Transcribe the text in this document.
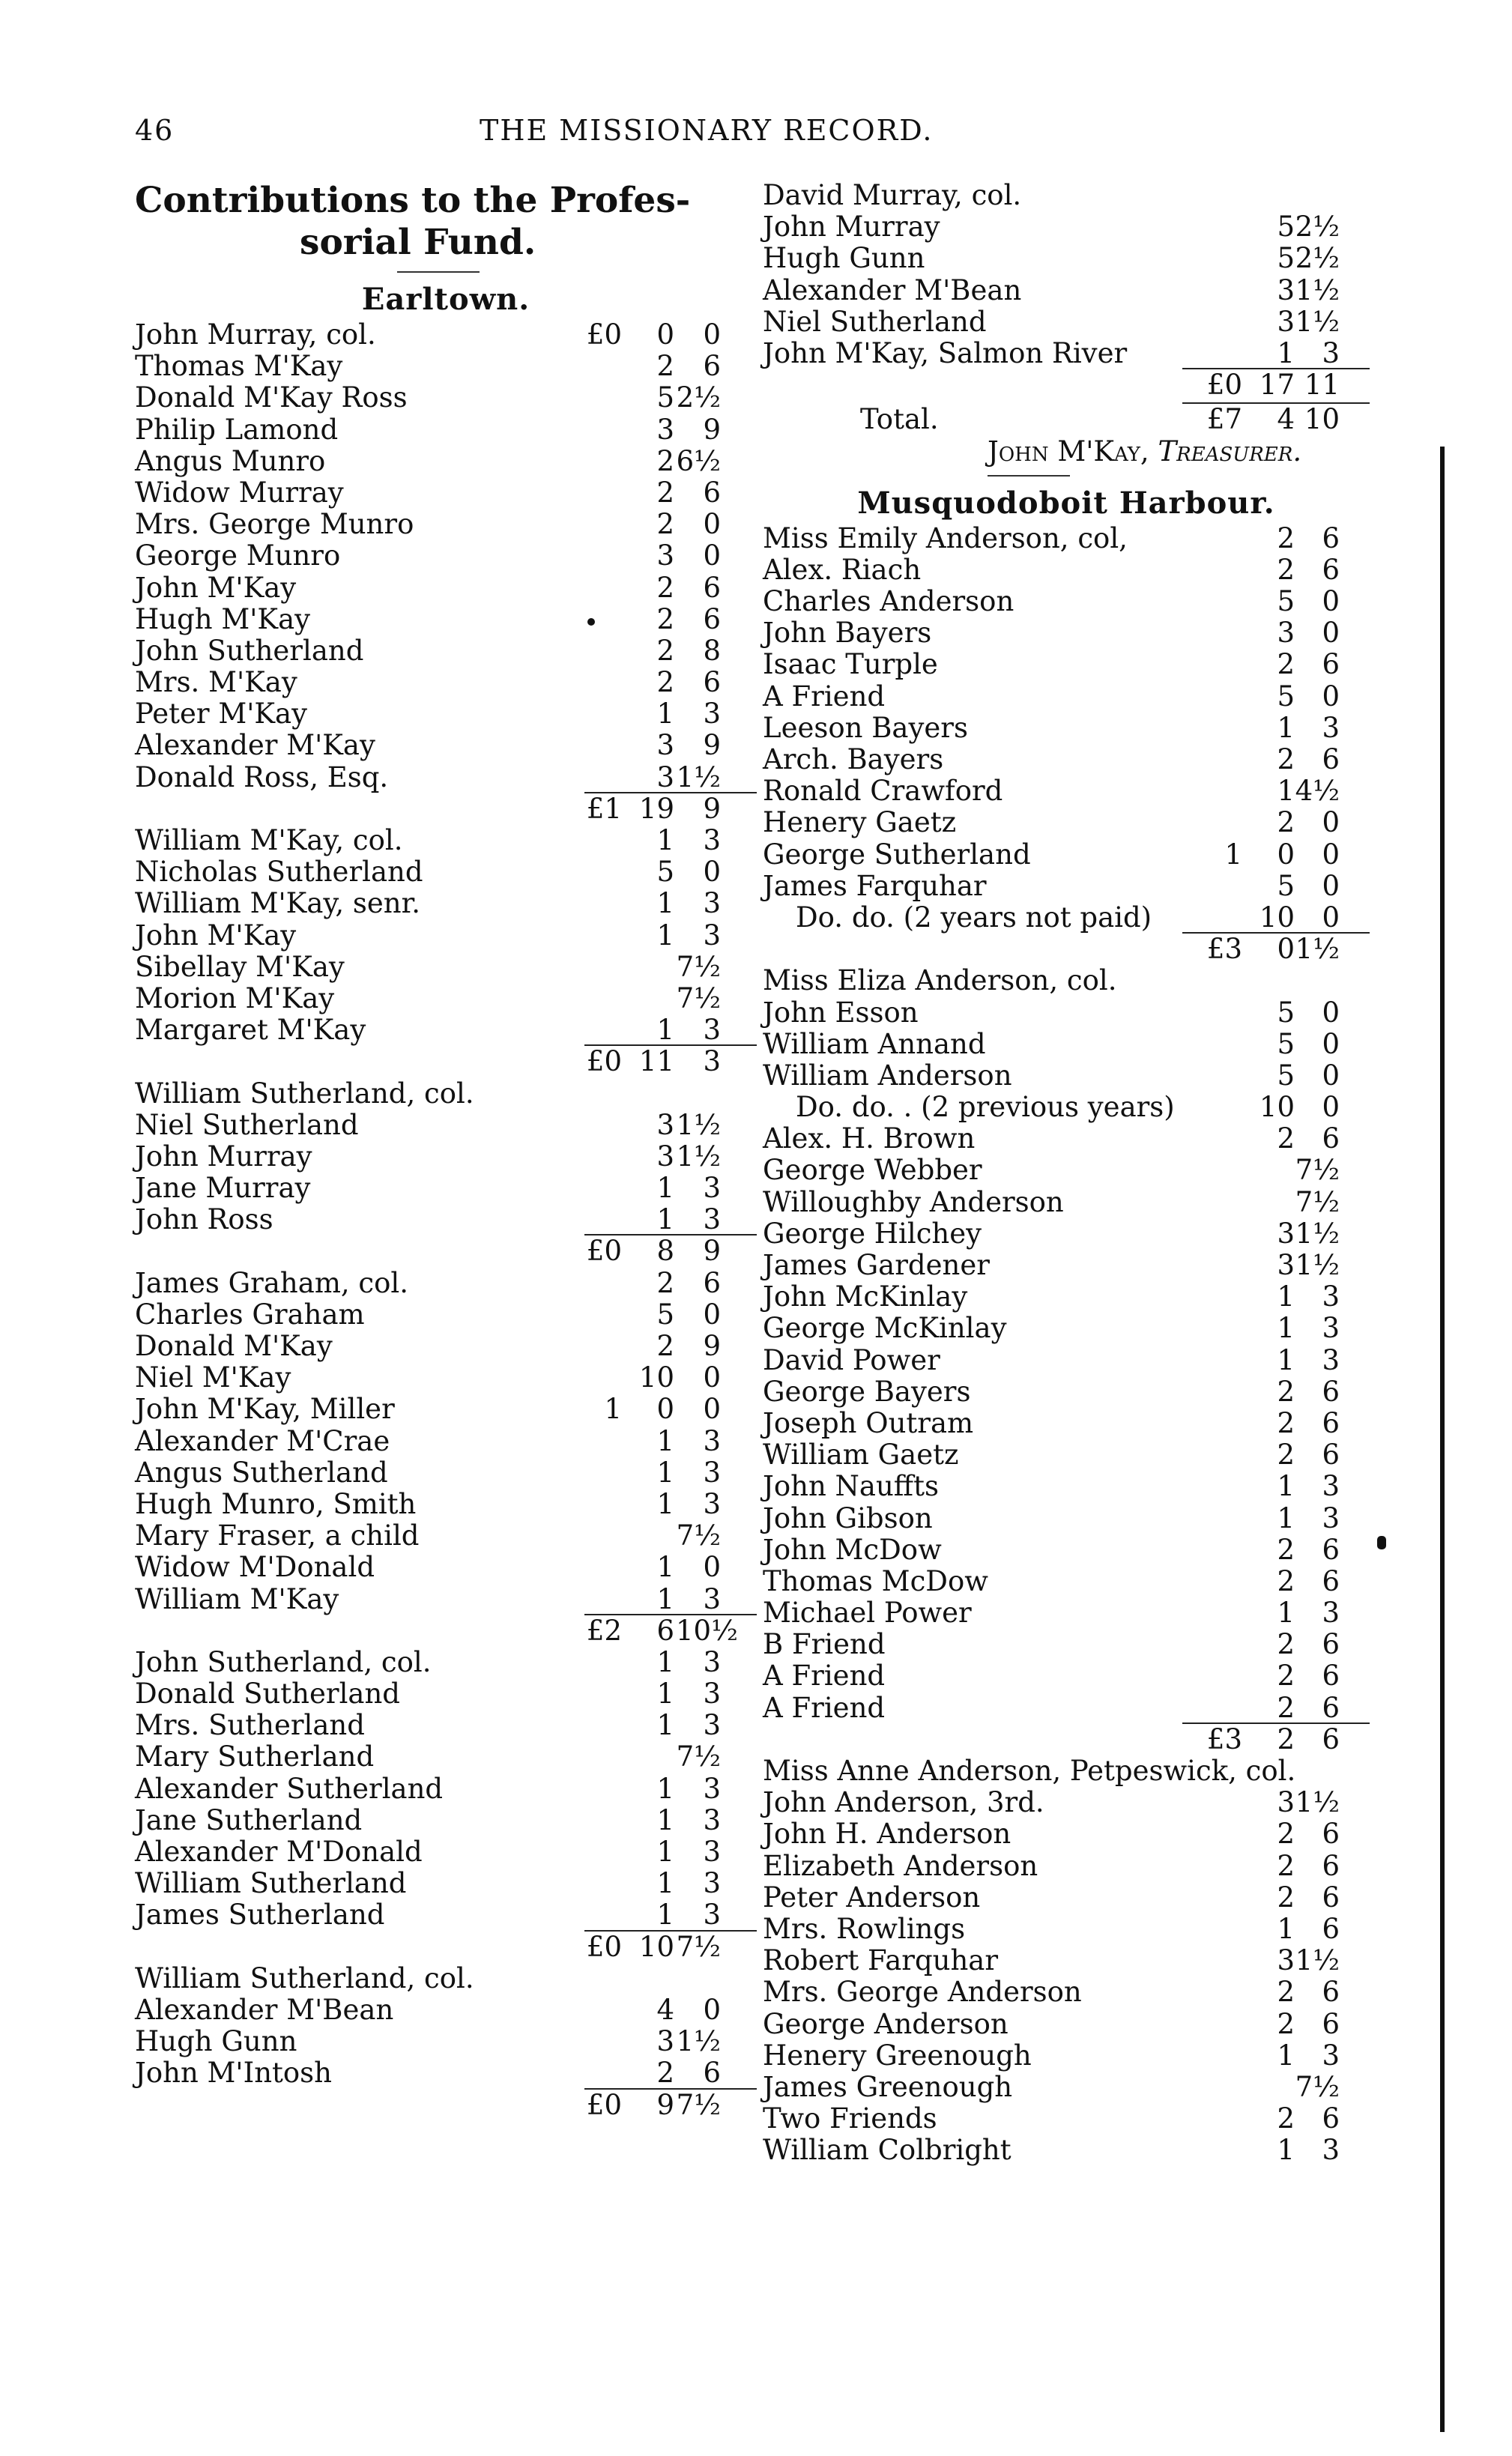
46	THE MISSIONARY RECORD.
Contributions to the Profes-
sorial Fund.
Earltown.
John Murray, col.	£0	0	0
Thomas M'Kay	2	6
Donald M'Kay Ross	5 2½
Philip Lamond	3	9
Angus Munro	2 6½
Widow Murray	2	6
Mrs. George Munro	2	0
George Munro	3	0
John M'Kay	2	6
Hugh M'Kay	2	6
John Sutherland	2	8
Mrs. M'Kay	2	6
Peter M'Kay	1	3
Alexander M'Kay	3	9
Donald Ross, Esq.	3 1½
£1 19	9
William M'Kay, col.	1	3
Nicholas Sutherland	5	0
William M'Kay, senr.	1	3
John M'Kay	1	3
Sibellay M'Kay	7½
Morion M'Kay	7½
Margaret M'Kay	1	3
£0 11	3
William Sutherland, col.
Niel Sutherland	3 1½
John Murray	3 1½
Jane Murray	1	3
John Ross	1	3
£0	8	9
James Graham, col.	2	6
Charles Graham	5	0
Donald M'Kay	2	9
Niel M'Kay	10	0
John M'Kay, Miller	1	0	0
Alexander M'Crae	1	3
Angus Sutherland	1	3
Hugh Munro, Smith	1	3
Mary Fraser, a child	7½
Widow M'Donald	1	0
William M'Kay	1	3
£2	6 10½
John Sutherland, col.	1	3
Donald Sutherland	1	3
Mrs. Sutherland	1	3
Mary Sutherland	7½
Alexander Sutherland	1	3
Jane Sutherland	1	3
Alexander M'Donald	1	3
William Sutherland	1	3
James Sutherland	1	3
£0 10 7½
William Sutherland, col.
Alexander M'Bean	4	0
Hugh Gunn	3 1½
John M'Intosh	2	6
£0	9 7½
David Murray, col.
John Murray	5 2½
Hugh Gunn	5 2½
Alexander M'Bean	3 1½
Niel Sutherland	3 1½
John M'Kay, Salmon River	1 3
£0 17 11
Total.	£7	4 10
John M'Kay, Treasurer.
Musquodoboit Harbour.
Miss Emily Anderson, col,	2 6
Alex. Riach	2 6
Charles Anderson	5 0
John Bayers	3 0
Isaac Turple	2 6
A Friend	5 0
Leeson Bayers	1 3
Arch. Bayers	2 6
Ronald Crawford	1 4½
Henery Gaetz	2 0
George Sutherland	1	0 0
James Farquhar	5 0
Do. do. (2 years not paid)	10 0
£3	0 1½
Miss Eliza Anderson, col.
John Esson	5 0
William Annand	5 0
William Anderson	5 0
Do. do. . (2 previous years)	10 0
Alex. H. Brown	2 6
George Webber	7½
Willoughby Anderson	7½
George Hilchey	3 1½
James Gardener	3 1½
John McKinlay	1 3
George McKinlay	1 3
David Power	1 3
George Bayers	2 6
Joseph Outram	2 6
William Gaetz	2 6
John Nauffts	1 3
John Gibson	1 3
John McDow	2 6
Thomas McDow	2 6
Michael Power	1 3
B Friend	2 6
A Friend	2 6
A Friend	2 6
£3	2 6
Miss Anne Anderson, Petpeswick, col.
John Anderson, 3rd.	3 1½
John H. Anderson	2 6
Elizabeth Anderson	2 6
Peter Anderson	2 6
Mrs. Rowlings	1 6
Robert Farquhar	3 1½
Mrs. George Anderson	2 6
George Anderson	2 6
Henery Greenough	1 3
James Greenough	7½
Two Friends	2 6
William Colbright	1 3
